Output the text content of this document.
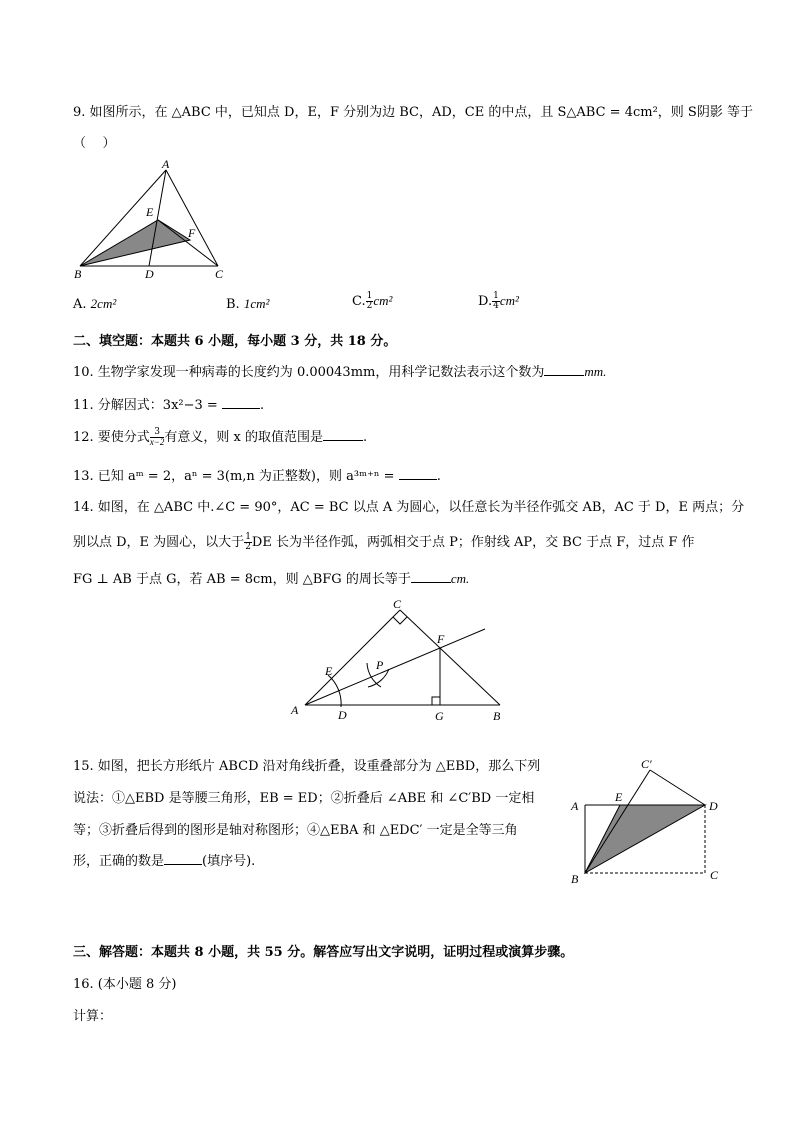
9. 如图所示，在 △ABC 中，已知点 D，E，F 分别为边 BC，AD，CE 的中点，且 S△ABC = 4cm²，则 S阴影 等于
（    ）
A
B	C
D
E
F
A. 2cm²	B. 1cm²	C. $\frac{1}{2} cm^2$	D. $\frac{1}{4} cm^2$
二、填空题：本题共 6 小题，每小题 3 分，共 18 分。
10. 生物学家发现一种病毒的长度约为 0.00043mm，用科学记数法表示这个数为	mm.
11. 分解因式：3x²−3 =	.
12. 要使分式 $\frac{3}{x-2}$ 有意义，则 x 的取值范围是	.
13. 已知 aᵐ = 2，aⁿ = 3(m,n 为正整数)，则 a³ᵐ⁺ⁿ =	.
14. 如图，在 △ABC 中.∠C = 90°，AC = BC 以点 A 为圆心，以任意长为半径作弧交 AB，AC 于 D，E 两点；分
别以点 D，E 为圆心，以大于 $\frac{1}{2}$ DE 长为半径作弧，两弧相交于点 P；作射线 AP，交 BC 于点 F，过点 F 作
FG ⊥ AB 于点 G，若 AB = 8cm，则 △BFG 的周长等于	cm.
A	B
C
D
E
F
G
P
15. 如图，把长方形纸片 ABCD 沿对角线折叠，设重叠部分为 △EBD，那么下列
说法：①△EBD 是等腰三角形，EB = ED；②折叠后 ∠ABE 和 ∠C′BD 一定相
等；③折叠后得到的图形是轴对称图形；④△EBA 和 △EDC′ 一定是全等三角
形，正确的数是	(填序号).
A
B	C
D
E
C′
三、解答题：本题共 8 小题，共 55 分。解答应写出文字说明，证明过程或演算步骤。
16. (本小题 8 分)
计算：
